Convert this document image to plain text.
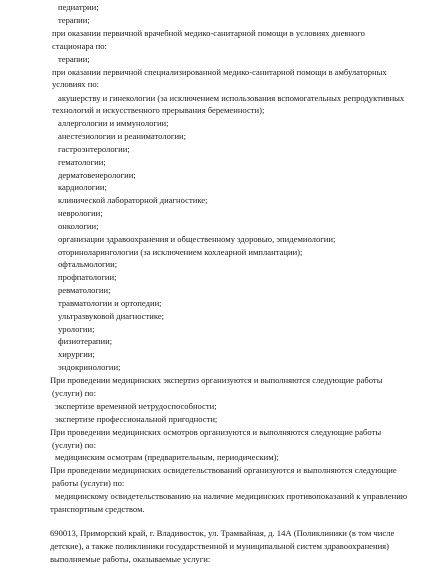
педиатрии;
терапии;
при оказании первичной врачебной медико-санитарной помощи в условиях дневного
стационара по:
терапии;
при оказании первичной специализированной медико-санитарной помощи в амбулаторных
условиях по:
акушерству и гинекологии (за исключением использования вспомогательных репродуктивных
технологий и искусственного прерывания беременности);
аллергологии и иммунологии;
анестезиологии и реаниматологии;
гастроэнтерологии;
гематологии;
дерматовенерологии;
кардиологии;
клинической лабораторной диагностике;
неврологии;
онкологии;
организации здравоохранения и общественному здоровью, эпидемиологии;
оториноларингологии (за исключением кохлеарной имплантации);
офтальмологии;
профпатологии;
ревматологии;
травматологии и ортопедии;
ультразвуковой диагностике;
урологии;
физиотерапии;
хирургии;
эндокринологии;
При проведении медицинских экспертиз организуются и выполняются следующие работы
(услуги) по:
экспертизе временной нетрудоспособности;
экспертизе профессиональной пригодности;
При проведении медицинских осмотров организуются и выполняются следующие работы
(услуги) по:
медицинским осмотрам (предварительным, периодическим);
При проведении медицинских освидетельствований организуются и выполняются следующие
работы (услуги) по:
медицинскому освидетельствованию на наличие медицинских противопоказаний к управлению
транспортным средством.
690013, Приморский край, г. Владивосток, ул. Трамвайная, д. 14А (Поликлиники (в том числе
детские), а также поликлиники государственной и муниципальной систем здравоохранения)
выполняемые работы, оказываемые услуги:
